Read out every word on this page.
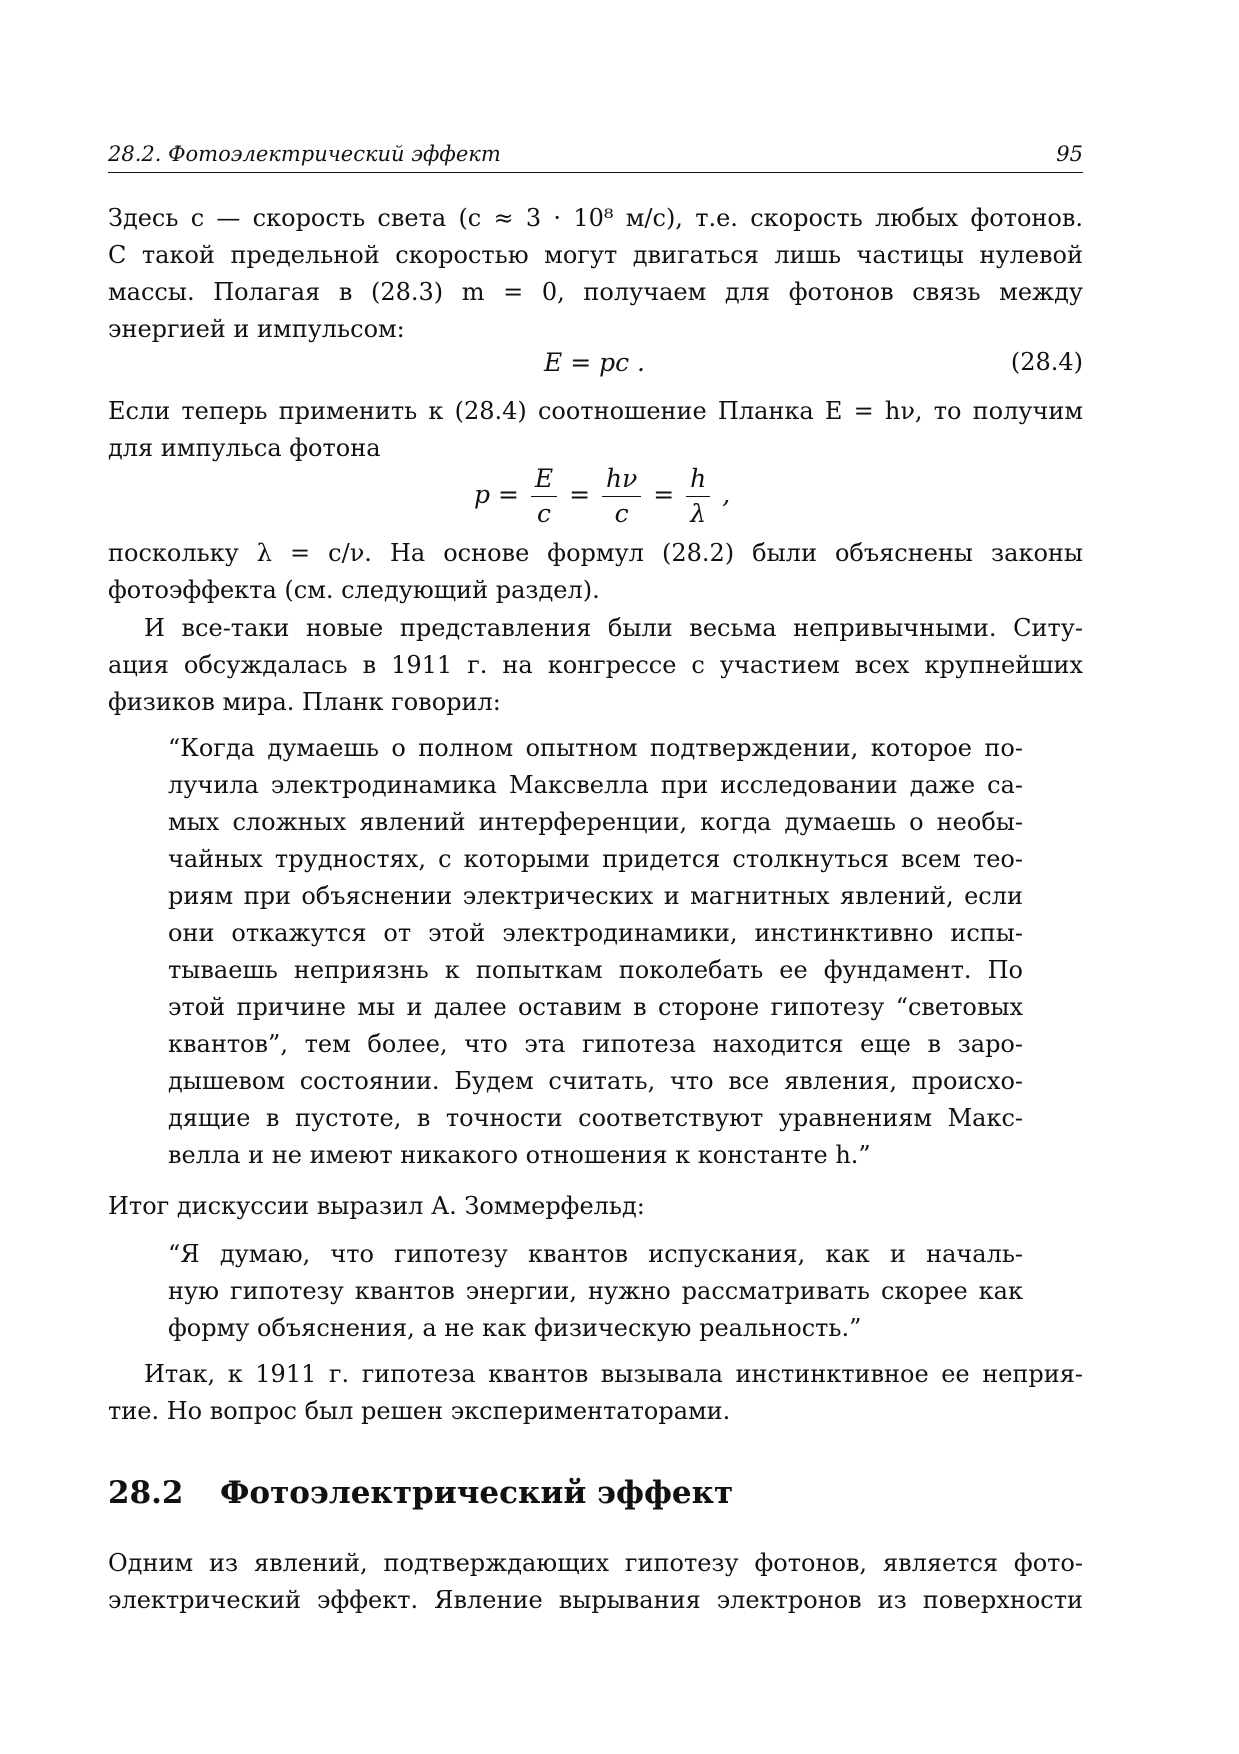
28.2. Фотоэлектрический эффект	95
Здесь c — скорость света (c ≈ 3 · 10⁸ м/с), т.е. скорость любых фотонов.
С такой предельной скоростью могут двигаться лишь частицы нулевой
массы. Полагая в (28.3) m = 0, получаем для фотонов связь между
энергией и импульсом:
E = pc .	(28.4)
Если теперь применить к (28.4) соотношение Планка E = hν, то получим
для импульса фотона
$p = \frac{E}{c} = \frac{h\nu}{c} = \frac{h}{\lambda}$ ,
поскольку λ = c/ν. На основе формул (28.2) были объяснены законы
фотоэффекта (см. следующий раздел).
И все-таки новые представления были весьма непривычными. Ситу-
ация обсуждалась в 1911 г. на конгрессе с участием всех крупнейших
физиков мира. Планк говорил:
“Когда думаешь о полном опытном подтверждении, которое по-
лучила электродинамика Максвелла при исследовании даже са-
мых сложных явлений интерференции, когда думаешь о необы-
чайных трудностях, с которыми придется столкнуться всем тео-
риям при объяснении электрических и магнитных явлений, если
они откажутся от этой электродинамики, инстинктивно испы-
тываешь неприязнь к попыткам поколебать ее фундамент. По
этой причине мы и далее оставим в стороне гипотезу “световых
квантов”, тем более, что эта гипотеза находится еще в заро-
дышевом состоянии. Будем считать, что все явления, происхо-
дящие в пустоте, в точности соответствуют уравнениям Макс-
велла и не имеют никакого отношения к константе h.”
Итог дискуссии выразил А. Зоммерфельд:
“Я думаю, что гипотезу квантов испускания, как и началь-
ную гипотезу квантов энергии, нужно рассматривать скорее как
форму объяснения, а не как физическую реальность.”
Итак, к 1911 г. гипотеза квантов вызывала инстинктивное ее неприя-
тие. Но вопрос был решен экспериментаторами.
28.2 Фотоэлектрический эффект
Одним из явлений, подтверждающих гипотезу фотонов, является фото-
электрический эффект. Явление вырывания электронов из поверхности
